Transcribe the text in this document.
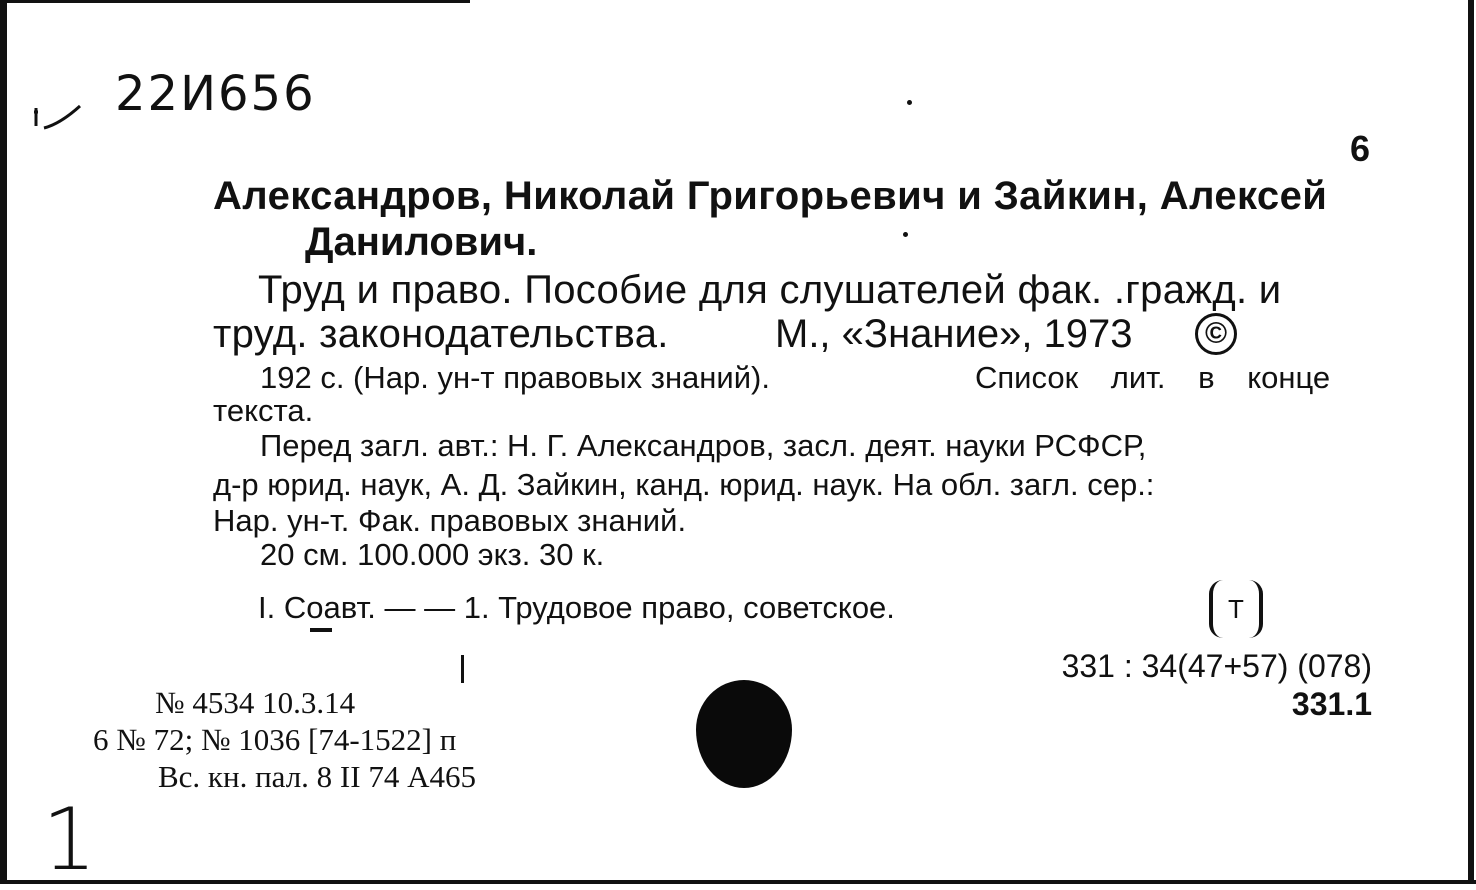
22И656
6
Александров, Николай Григорьевич и Зайкин, Алексей
Данилович.
Труд и право. Пособие для слушателей фак. .гражд. и
труд. законодательства.	М., «Знание», 1973	©
192 с. (Нар. ун-т правовых знаний).	Список лит. в конце
текста.
Перед загл. авт.: Н. Г. Александров, засл. деят. науки РСФСР,
д-р юрид. наук, А. Д. Зайкин, канд. юрид. наук. На обл. загл. сер.:
Нар. ун-т. Фак. правовых знаний.
20 см. 100.000 экз. 30 к.
I. Соавт. — — 1. Трудовое право, советское.	Т
331 : 34(47+57) (078)
331.1
№ 4534 10.3.14
6 № 72; № 1036 [74-1522] п
Вс. кн. пал. 8 II 74 А465
1
